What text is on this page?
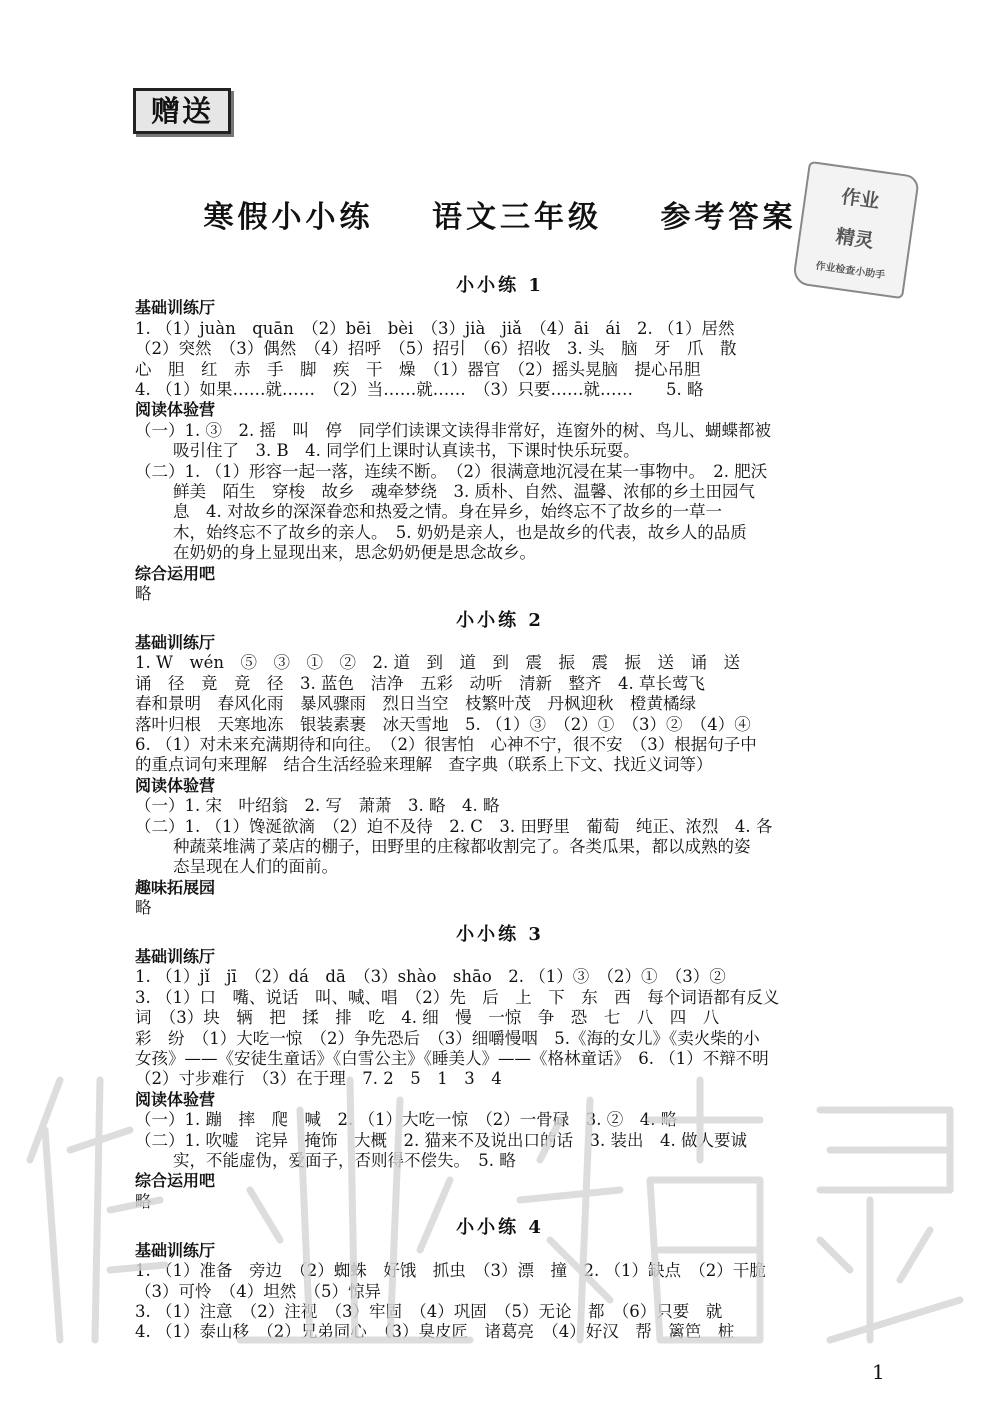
赠送
寒假小小练 语文三年级 参考答案
作业
精灵
作业检查小助手
小小练 1
基础训练厅
1. （1）juàn　quān　（2）bēi　bèi　（3）jià　jiǎ　（4）āi　ái　2. （1）居然
（2）突然　（3）偶然　（4）招呼　（5）招引　（6）招收　3. 头　脑　牙　爪　散
心　胆　红　赤　手　脚　疾　干　燥　（1）器官　（2）摇头晃脑　提心吊胆
4. （1）如果……就……　（2）当……就……　（3）只要……就……　　5. 略
阅读体验营
（一）1. ③　2. 摇　叫　停　同学们读课文读得非常好，连窗外的树、鸟儿、蝴蝶都被
吸引住了　3. B　4. 同学们上课时认真读书，下课时快乐玩耍。
（二）1. （1）形容一起一落，连续不断。　（2）很满意地沉浸在某一事物中。　2. 肥沃
鲜美　陌生　穿梭　故乡　魂牵梦绕　3. 质朴、自然、温馨、浓郁的乡土田园气
息　4. 对故乡的深深眷恋和热爱之情。身在异乡，始终忘不了故乡的一草一
木，始终忘不了故乡的亲人。　5. 奶奶是亲人，也是故乡的代表，故乡人的品质
在奶奶的身上显现出来，思念奶奶便是思念故乡。
综合运用吧
略
小小练 2
基础训练厅
1. W　wén　⑤　③　①　②　2. 道　到　道　到　震　振　震　振　送　诵　送
诵　径　竟　竟　径　3. 蓝色　洁净　五彩　动听　清新　整齐　4. 草长莺飞
春和景明　春风化雨　暴风骤雨　烈日当空　枝繁叶茂　丹枫迎秋　橙黄橘绿
落叶归根　天寒地冻　银装素裹　冰天雪地　5. （1）③　（2）①　（3）②　（4）④
6. （1）对未来充满期待和向往。　（2）很害怕　心神不宁，很不安　（3）根据句子中
的重点词句来理解　结合生活经验来理解　查字典（联系上下文、找近义词等）
阅读体验营
（一）1. 宋　叶绍翁　2. 写　萧萧　3. 略　4. 略
（二）1. （1）馋涎欲滴　（2）迫不及待　2. C　3. 田野里　葡萄　纯正、浓烈　4. 各
种蔬菜堆满了菜店的棚子，田野里的庄稼都收割完了。各类瓜果，都以成熟的姿
态呈现在人们的面前。
趣味拓展园
略
小小练 3
基础训练厅
1. （1）jǐ　jī　（2）dá　dā　（3）shào　shāo　2. （1）③　（2）①　（3）②
3. （1）口　嘴、说话　叫、喊、唱　（2）先　后　上　下　东　西　每个词语都有反义
词　（3）块　辆　把　揉　排　吃　4. 细　慢　一惊　争　恐　七　八　四　八
彩　纷　（1）大吃一惊　（2）争先恐后　（3）细嚼慢咽　5.《海的女儿》《卖火柴的小
女孩》——《安徒生童话》《白雪公主》《睡美人》——《格林童话》　6. （1）不辩不明
（2）寸步难行　（3）在于理　7. 2　5　1　3　4
阅读体验营
（一）1. 蹦　摔　爬　喊　2. （1）大吃一惊　（2）一骨碌　3. ②　4. 略
（二）1. 吹嘘　诧异　掩饰　大概　2. 猫来不及说出口的话　3. 装出　4. 做人要诚
实，不能虚伪，爱面子，否则得不偿失。　5. 略
综合运用吧
略
小小练 4
基础训练厅
1. （1）准备　旁边　（2）蜘蛛　好饿　抓虫　（3）漂　撞　2. （1）缺点　（2）干脆
（3）可怜　（4）坦然　（5）惊异
3. （1）注意　（2）注视　（3）牢固　（4）巩固　（5）无论　都　（6）只要　就
4. （1）泰山移　（2）兄弟同心　（3）臭皮匠　诸葛亮　（4）好汉　帮　篱笆　桩
1
